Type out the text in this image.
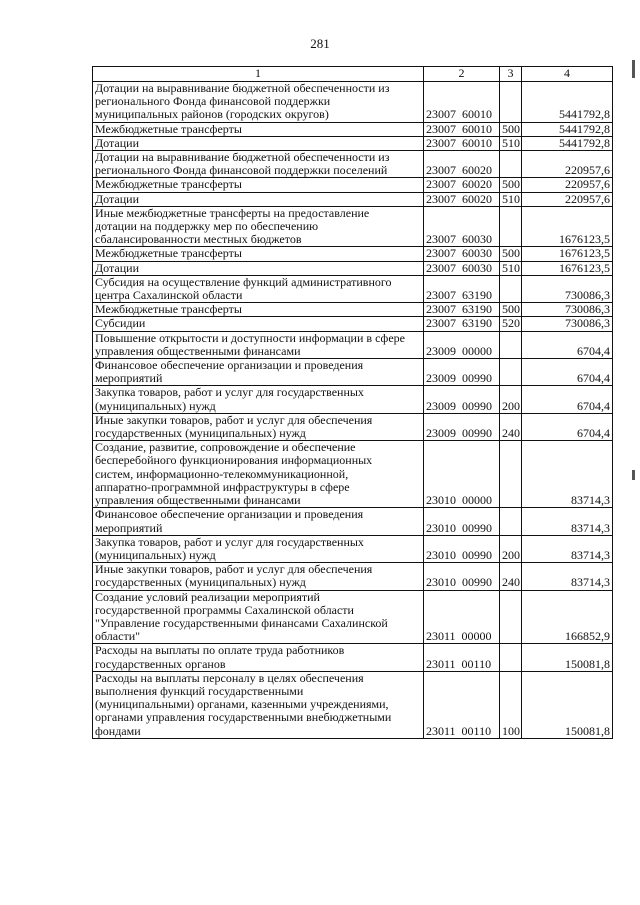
281
1	2	3	4
Дотации на выравнивание бюджетной обеспеченности из
регионального Фонда финансовой поддержки
муниципальных районов (городских округов)	23007  60010		5441792,8
Межбюджетные трансферты	23007  60010	500	5441792,8
Дотации	23007  60010	510	5441792,8
Дотации на выравнивание бюджетной обеспеченности из
регионального Фонда финансовой поддержки поселений	23007  60020		220957,6
Межбюджетные трансферты	23007  60020	500	220957,6
Дотации	23007  60020	510	220957,6
Иные межбюджетные трансферты на предоставление
дотации на поддержку мер по обеспечению
сбалансированности местных бюджетов	23007  60030		1676123,5
Межбюджетные трансферты	23007  60030	500	1676123,5
Дотации	23007  60030	510	1676123,5
Субсидия на осуществление функций административного
центра Сахалинской области	23007  63190		730086,3
Межбюджетные трансферты	23007  63190	500	730086,3
Субсидии	23007  63190	520	730086,3
Повышение открытости и доступности информации в сфере
управления общественными финансами	23009  00000		6704,4
Финансовое обеспечение организации и проведения
мероприятий	23009  00990		6704,4
Закупка товаров, работ и услуг для государственных
(муниципальных) нужд	23009  00990	200	6704,4
Иные закупки товаров, работ и услуг для обеспечения
государственных (муниципальных) нужд	23009  00990	240	6704,4
Создание, развитие, сопровождение и обеспечение
бесперебойного функционирования информационных
систем, информационно-телекоммуникационной,
аппаратно-программной инфраструктуры в сфере
управления общественными финансами	23010  00000		83714,3
Финансовое обеспечение организации и проведения
мероприятий	23010  00990		83714,3
Закупка товаров, работ и услуг для государственных
(муниципальных) нужд	23010  00990	200	83714,3
Иные закупки товаров, работ и услуг для обеспечения
государственных (муниципальных) нужд	23010  00990	240	83714,3
Создание условий реализации мероприятий
государственной программы Сахалинской области
"Управление государственными финансами Сахалинской
области"	23011  00000		166852,9
Расходы на выплаты по оплате труда работников
государственных органов	23011  00110		150081,8
Расходы на выплаты персоналу в целях обеспечения
выполнения функций государственными
(муниципальными) органами, казенными учреждениями,
органами управления государственными внебюджетными
фондами	23011  00110	100	150081,8
